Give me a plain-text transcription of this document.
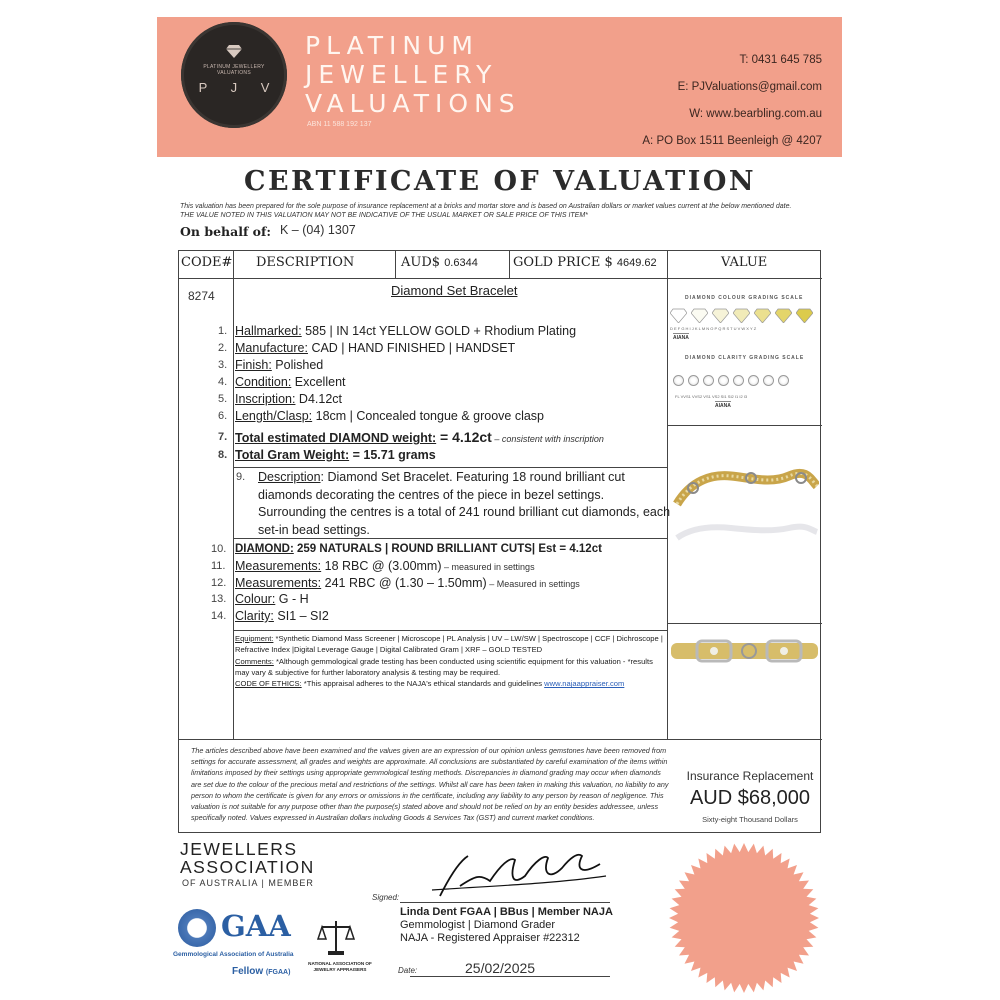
PLATINUM JEWELLERY VALUATIONS
P J V
PLATINUM
JEWELLERY
VALUATIONS
ABN 11 588 192 137
T: 0431 645 785
E: PJValuations@gmail.com
W: www.bearbling.com.au
A: PO Box 1511 Beenleigh @ 4207
CERTIFICATE OF VALUATION
This valuation has been prepared for the sole purpose of insurance replacement at a bricks and mortar store and is based on Australian dollars or market values current at the below mentioned date.
THE VALUE NOTED IN THIS VALUATION MAY NOT BE INDICATIVE OF THE USUAL MARKET OR SALE PRICE OF THIS ITEM*
On behalf of: K – (04) 1307
CODE# DESCRIPTION	AUD$ 0.6344	GOLD PRICE $ 4649.62	VALUE
8274	Diamond Set Bracelet
1. Hallmarked: 585 | IN 14ct YELLOW GOLD + Rhodium Plating
2. Manufacture: CAD | HAND FINISHED | HANDSET
3. Finish: Polished
4. Condition: Excellent
5. Inscription: D4.12ct
6. Length/Clasp: 18cm | Concealed tongue & groove clasp
7. Total estimated DIAMOND weight: = 4.12ct – consistent with inscription
8. Total Gram Weight: = 15.71 grams
9.	Description: Diamond Set Bracelet. Featuring 18 round brilliant cut diamonds decorating the centres of the piece in bezel settings. Surrounding the centres is a total of 241 round brilliant cut diamonds, each set-in bead settings.
10. DIAMOND: 259 NATURALS | ROUND BRILLIANT CUTS| Est = 4.12ct
11. Measurements: 18 RBC @ (3.00mm) – measured in settings
12. Measurements: 241 RBC @ (1.30 – 1.50mm) – Measured in settings
13. Colour: G - H
14. Clarity: SI1 – SI2
Equipment: *Synthetic Diamond Mass Screener | Microscope | PL Analysis | UV – LW/SW | Spectroscope | CCF | Dichroscope | Refractive Index |Digital Leverage Gauge | Digital Calibrated Gram | XRF – GOLD TESTED
Comments: *Although gemmological grade testing has been conducted using scientific equipment for this valuation - *results may vary & subjective for further laboratory analysis & testing may be required.
CODE OF ETHICS: *This appraisal adheres to the NAJA's ethical standards and guidelines www.najaappraiser.com
DIAMOND COLOUR GRADING SCALE
D E F G H I J K L M N O P Q R S T U V W X Y Z
AIANA
DIAMOND CLARITY GRADING SCALE
FL VVS1 VVS2 VS1 VS2 SI1 SI2 I1 I2 I3
AIANA
The articles described above have been examined and the values given are an expression of our opinion unless gemstones have been removed from settings for accurate assessment, all grades and weights are approximate. All conclusions are substantiated by careful examination of the items within limitations imposed by their settings using appropriate gemmological testing methods. Discrepancies in diamond grading may occur when diamonds are set due to the colour of the precious metal and restrictions of the settings. Whilst all care has been taken in making this valuation, no liability to any person to whom the certificate is given for any errors or omissions in the certificate, including any liability to any person by reason of negligence. This valuation is not suitable for any purpose other than the purpose(s) stated above and should not be relied on by an entity besides addressee, unless specifically noted. Values expressed in Australian dollars including Goods & Services Tax (GST) and current market conditions.
Insurance Replacement
AUD $68,000
Sixty-eight Thousand Dollars
JEWELLERS
ASSOCIATION
OF AUSTRALIA | MEMBER
GAA
Gemmological Association of Australia
Fellow (FGAA)
NATIONAL ASSOCIATION OF JEWELRY APPRAISERS
Signed:
Linda Dent FGAA | BBus | Member NAJA
Gemmologist | Diamond Grader
NAJA - Registered Appraiser #22312
Date:	25/02/2025
